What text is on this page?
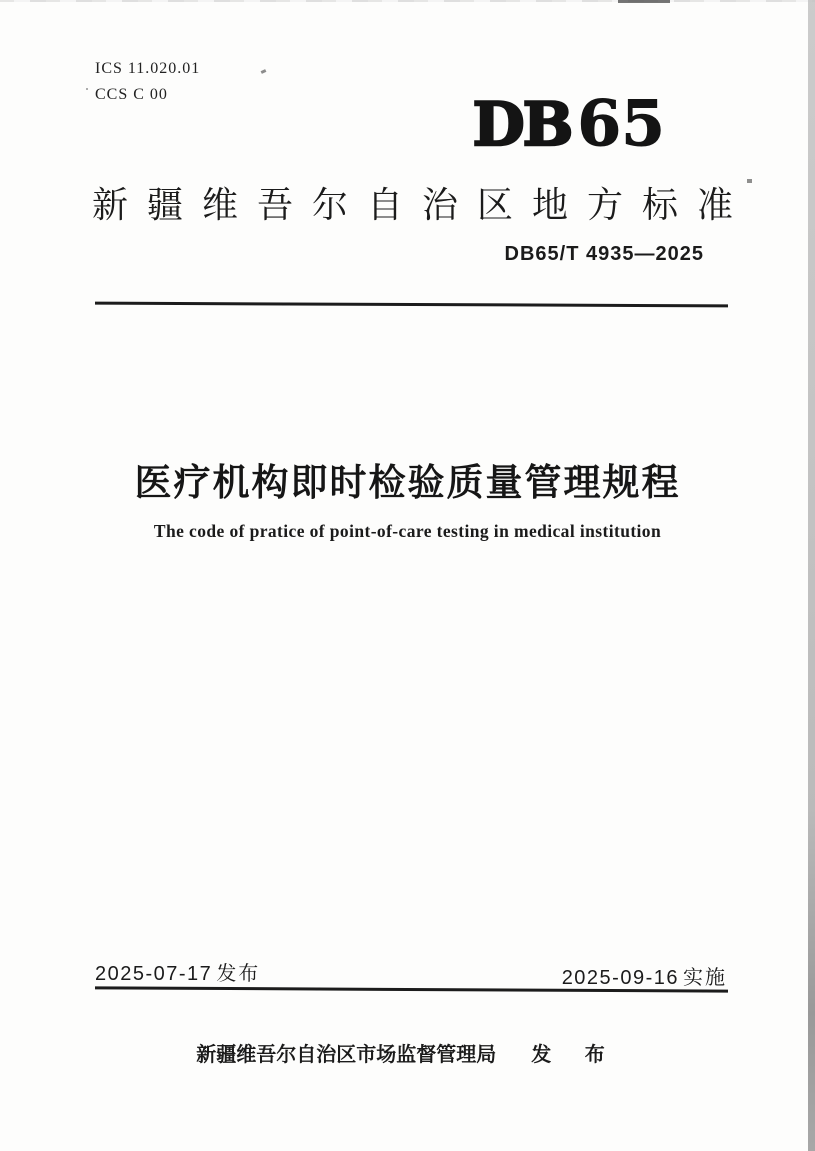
ICS 11.020.01
CCS C 00	DB65
新疆维吾尔自治区地方标准
DB65/T 4935—2025
医疗机构即时检验质量管理规程
The code of pratice of point-of-care testing in medical institution
2025-07-17 发布	2025-09-16 实施
新疆维吾尔自治区市场监督管理局 发 布
